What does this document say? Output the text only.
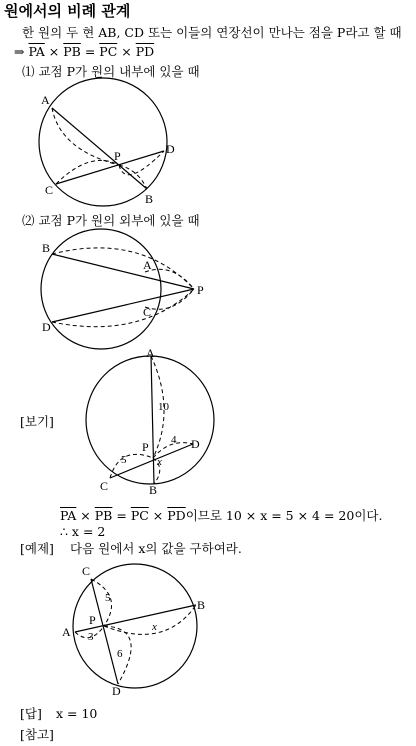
원에서의 비례 관계
한 원의 두 현 AB, CD 또는 이들의 연장선이 만나는 점을 P라고 할 때
⇒ $\overline{PA} \times \overline{PB} = \overline{PC} \times \overline{PD}$
⑴ 교점 P가 원의 내부에 있을 때
⑵ 교점 P가 원의 외부에 있을 때
[보기]
$\overline{PA} \times \overline{PB} = \overline{PC} \times \overline{PD}$이므로 10 × x = 5 × 4 = 20이다.
∴ x = 2
[예제] 다음 원에서 x의 값을 구하여라.
[답] x = 10
[참고]
A
P	D
C
B
B
A
P
C
D
A
10
4 D
P
5	x
C	B
C
5	B
P	x
A 3
6
D
